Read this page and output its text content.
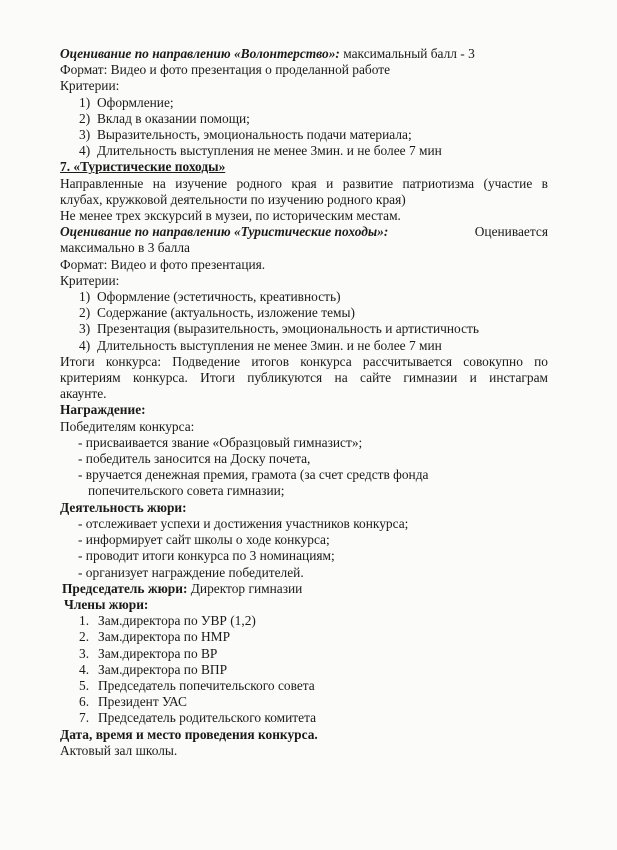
Оценивание по направлению «Волонтерство»: максимальный балл - 3
Формат: Видео и фото презентация о проделанной работе
Критерии:
1) Оформление;
2) Вклад в оказании помощи;
3) Выразительность, эмоциональность подачи материала;
4) Длительность выступления не менее 3мин. и не более 7 мин
7. «Туристические походы»
Направленные на изучение родного края и развитие патриотизма (участие в
клубах, кружковой деятельности по изучению родного края)
Не менее трех экскурсий в музеи, по историческим местам.
Оценивание по направлению «Туристические походы»:	Оценивается
максимально в 3 балла
Формат: Видео и фото презентация.
Критерии:
1) Оформление (эстетичность, креативность)
2) Содержание (актуальность, изложение темы)
3) Презентация (выразительность, эмоциональность и артистичность
4) Длительность выступления не менее 3мин. и не более 7 мин
Итоги конкурса: Подведение итогов конкурса рассчитывается совокупно по
критериям конкурса. Итоги публикуются на сайте гимназии и инстаграм
акаунте.
Награждение:
Победителям конкурса:
- присваивается звание «Образцовый гимназист»;
- победитель заносится на Доску почета,
- вручается денежная премия, грамота (за счет средств фонда
попечительского совета гимназии;
Деятельность жюри:
- отслеживает успехи и достижения участников конкурса;
- информирует сайт школы о ходе конкурса;
- проводит итоги конкурса по 3 номинациям;
- организует награждение победителей.
Председатель жюри: Директор гимназии
Члены жюри:
1. Зам.директора по УВР (1,2)
2. Зам.директора по НМР
3. Зам.директора по ВР
4. Зам.директора по ВПР
5. Председатель попечительского совета
6. Президент УАС
7. Председатель родительского комитета
Дата, время и место проведения конкурса.
Актовый зал школы.
